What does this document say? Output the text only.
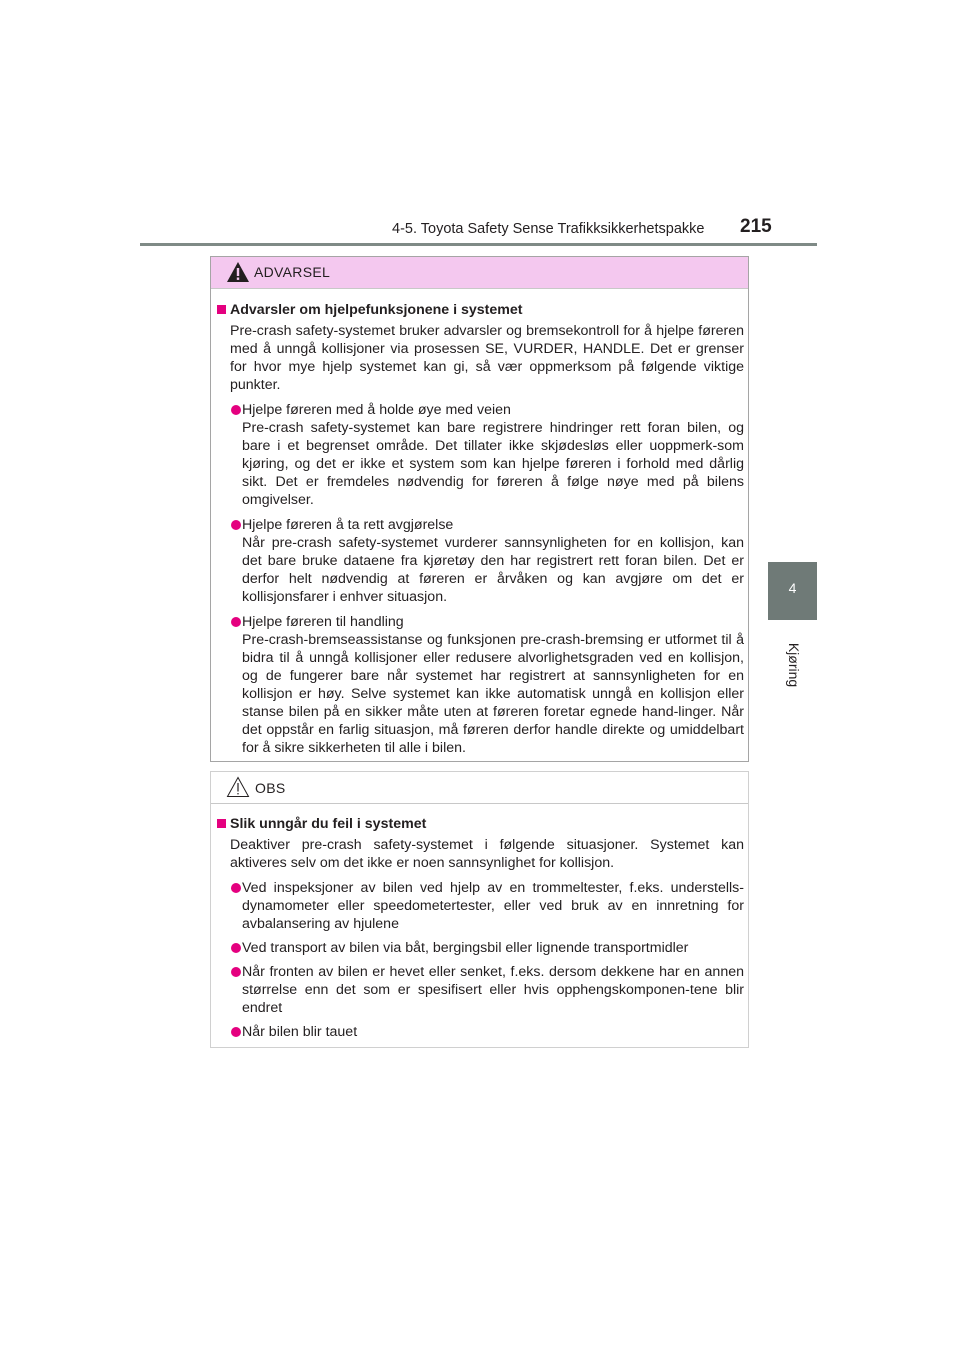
4-5. Toyota Safety Sense Trafikksikkerhetspakke 215
4
Kjøring
ADVARSEL
Advarsler om hjelpefunksjonene i systemet
Pre-crash safety-systemet bruker advarsler og bremsekontroll for å hjelpe føreren med å unngå kollisjoner via prosessen SE, VURDER, HANDLE. Det er grenser for hvor mye hjelp systemet kan gi, så vær oppmerksom på følgende viktige punkter.
Hjelpe føreren med å holde øye med veien
Pre-crash safety-systemet kan bare registrere hindringer rett foran bilen, og bare i et begrenset område. Det tillater ikke skjødesløs eller uoppmerk-som kjøring, og det er ikke et system som kan hjelpe føreren i forhold med dårlig sikt. Det er fremdeles nødvendig for føreren å følge nøye med på bilens omgivelser.
Hjelpe føreren å ta rett avgjørelse
Når pre-crash safety-systemet vurderer sannsynligheten for en kollisjon, kan det bare bruke dataene fra kjøretøy den har registrert rett foran bilen. Det er derfor helt nødvendig at føreren er årvåken og kan avgjøre om det er kollisjonsfarer i enhver situasjon.
Hjelpe føreren til handling
Pre-crash-bremseassistanse og funksjonen pre-crash-bremsing er utformet til å bidra til å unngå kollisjoner eller redusere alvorlighetsgraden ved en kollisjon, og de fungerer bare når systemet har registrert at sannsynligheten for en kollisjon er høy. Selve systemet kan ikke automatisk unngå en kollisjon eller stanse bilen på en sikker måte uten at føreren foretar egnede hand-linger. Når det oppstår en farlig situasjon, må føreren derfor handle direkte og umiddelbart for å sikre sikkerheten til alle i bilen.
OBS
Slik unngår du feil i systemet
Deaktiver pre-crash safety-systemet i følgende situasjoner. Systemet kan aktiveres selv om det ikke er noen sannsynlighet for kollisjon.
Ved inspeksjoner av bilen ved hjelp av en trommeltester, f.eks. understells-dynamometer eller speedometertester, eller ved bruk av en innretning for avbalansering av hjulene
Ved transport av bilen via båt, bergingsbil eller lignende transportmidler
Når fronten av bilen er hevet eller senket, f.eks. dersom dekkene har en annen størrelse enn det som er spesifisert eller hvis opphengskomponen-tene blir endret
Når bilen blir tauet
